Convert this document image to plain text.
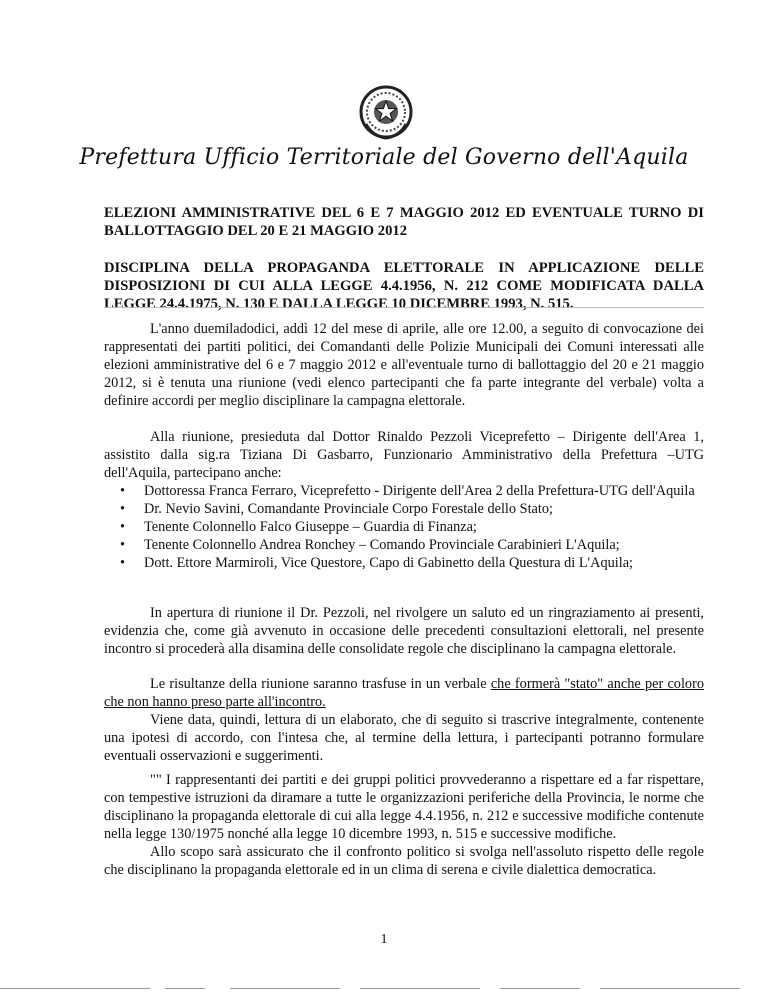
Prefettura Ufficio Territoriale del Governo dell'Aquila

ELEZIONI AMMINISTRATIVE DEL 6 E 7 MAGGIO 2012 ED EVENTUALE TURNO DI BALLOTTAGGIO DEL 20 E 21 MAGGIO 2012

DISCIPLINA DELLA PROPAGANDA ELETTORALE IN APPLICAZIONE DELLE DISPOSIZIONI DI CUI ALLA LEGGE 4.4.1956, N. 212 COME MODIFICATA DALLA LEGGE 24.4.1975, N. 130 E DALLA LEGGE 10 DICEMBRE 1993, N. 515.

L'anno duemiladodici, addì 12 del mese di aprile, alle ore 12.00, a seguito di convocazione dei rappresentati dei partiti politici, dei Comandanti delle Polizie Municipali dei Comuni interessati alle elezioni amministrative del 6 e 7 maggio 2012 e all'eventuale turno di ballottaggio del 20 e 21 maggio 2012, si è tenuta una riunione (vedi elenco partecipanti che fa parte integrante del verbale) volta a definire accordi per meglio disciplinare la campagna elettorale.

Alla riunione, presieduta dal Dottor Rinaldo Pezzoli Viceprefetto – Dirigente dell'Area 1, assistito dalla sig.ra Tiziana Di Gasbarro, Funzionario Amministrativo della Prefettura –UTG dell'Aquila, partecipano anche:

• Dottoressa Franca Ferraro, Viceprefetto - Dirigente dell'Area 2 della Prefettura-UTG dell'Aquila
• Dr. Nevio Savini, Comandante Provinciale Corpo Forestale dello Stato;
• Tenente Colonnello Falco Giuseppe – Guardia di Finanza;
• Tenente Colonnello Andrea Ronchey – Comando Provinciale Carabinieri L'Aquila;
• Dott. Ettore Marmiroli, Vice Questore, Capo di Gabinetto della Questura di L'Aquila;

In apertura di riunione il Dr. Pezzoli, nel rivolgere un saluto ed un ringraziamento ai presenti, evidenzia che, come già avvenuto in occasione delle precedenti consultazioni elettorali, nel presente incontro si procederà alla disamina delle consolidate regole che disciplinano la campagna elettorale.

Le risultanze della riunione saranno trasfuse in un verbale che formerà "stato" anche per coloro che non hanno preso parte all'incontro.

Viene data, quindi, lettura di un elaborato, che di seguito si trascrive integralmente, contenente una ipotesi di accordo, con l'intesa che, al termine della lettura, i partecipanti potranno formulare eventuali osservazioni e suggerimenti.

"" I rappresentanti dei partiti e dei gruppi politici provvederanno a rispettare ed a far rispettare, con tempestive istruzioni da diramare a tutte le organizzazioni periferiche della Provincia, le norme che disciplinano la propaganda elettorale di cui alla legge 4.4.1956, n. 212 e successive modifiche contenute nella legge 130/1975 nonché alla legge 10 dicembre 1993, n. 515 e successive modifiche.

Allo scopo sarà assicurato che il confronto politico si svolga nell'assoluto rispetto delle regole che disciplinano la propaganda elettorale ed in un clima di serena e civile dialettica democratica.

1
